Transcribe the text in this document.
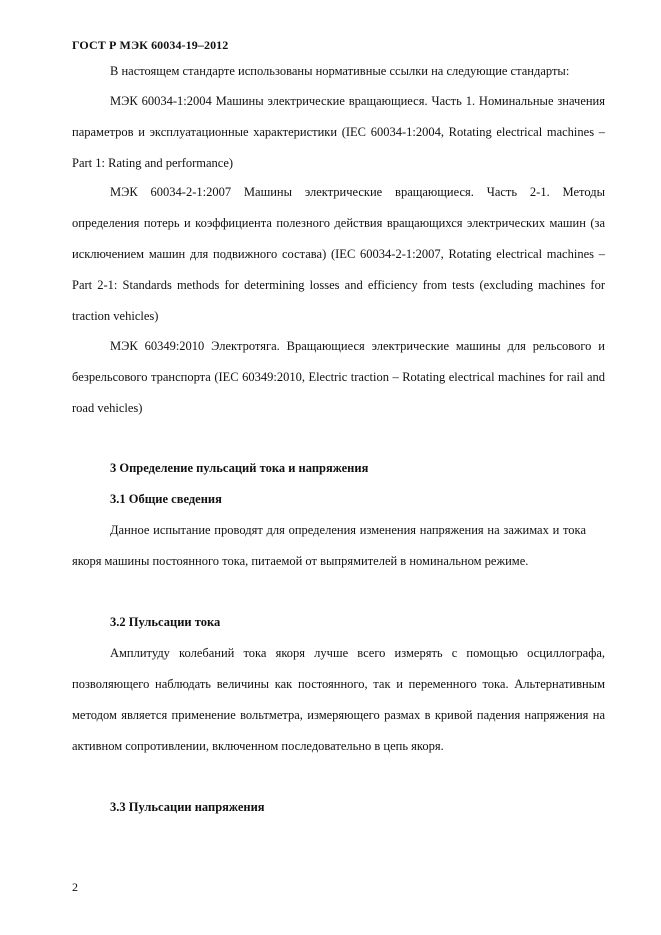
ГОСТ Р МЭК 60034-19–2012

В настоящем стандарте использованы нормативные ссылки на следующие стандарты:

МЭК 60034-1:2004 Машины электрические вращающиеся. Часть 1. Номинальные значения параметров и эксплуатационные характеристики (IEC 60034-1:2004, Rotating electrical machines – Part 1: Rating and performance)

МЭК 60034-2-1:2007 Машины электрические вращающиеся. Часть 2-1. Методы определения потерь и коэффициента полезного действия вращающихся электрических машин (за исключением машин для подвижного состава) (IEC 60034-2-1:2007, Rotating electrical machines – Part 2-1: Standards methods for determining losses and efficiency from tests (excluding machines for traction vehicles)

МЭК 60349:2010 Электротяга. Вращающиеся электрические машины для рельсового и безрельсового транспорта (IEC 60349:2010, Electric traction – Rotating electrical machines for rail and road vehicles)

3 Определение пульсаций тока и напряжения

3.1 Общие сведения

Данное испытание проводят для определения изменения напряжения на зажимах и тока якоря машины постоянного тока, питаемой от выпрямителей в номинальном режиме.

3.2 Пульсации тока

Амплитуду колебаний тока якоря лучше всего измерять с помощью осциллографа, позволяющего наблюдать величины как постоянного, так и переменного тока. Альтернативным методом является применение вольтметра, измеряющего размах в кривой падения напряжения на активном сопротивлении, включенном последовательно в цепь якоря.

3.3 Пульсации напряжения

2
